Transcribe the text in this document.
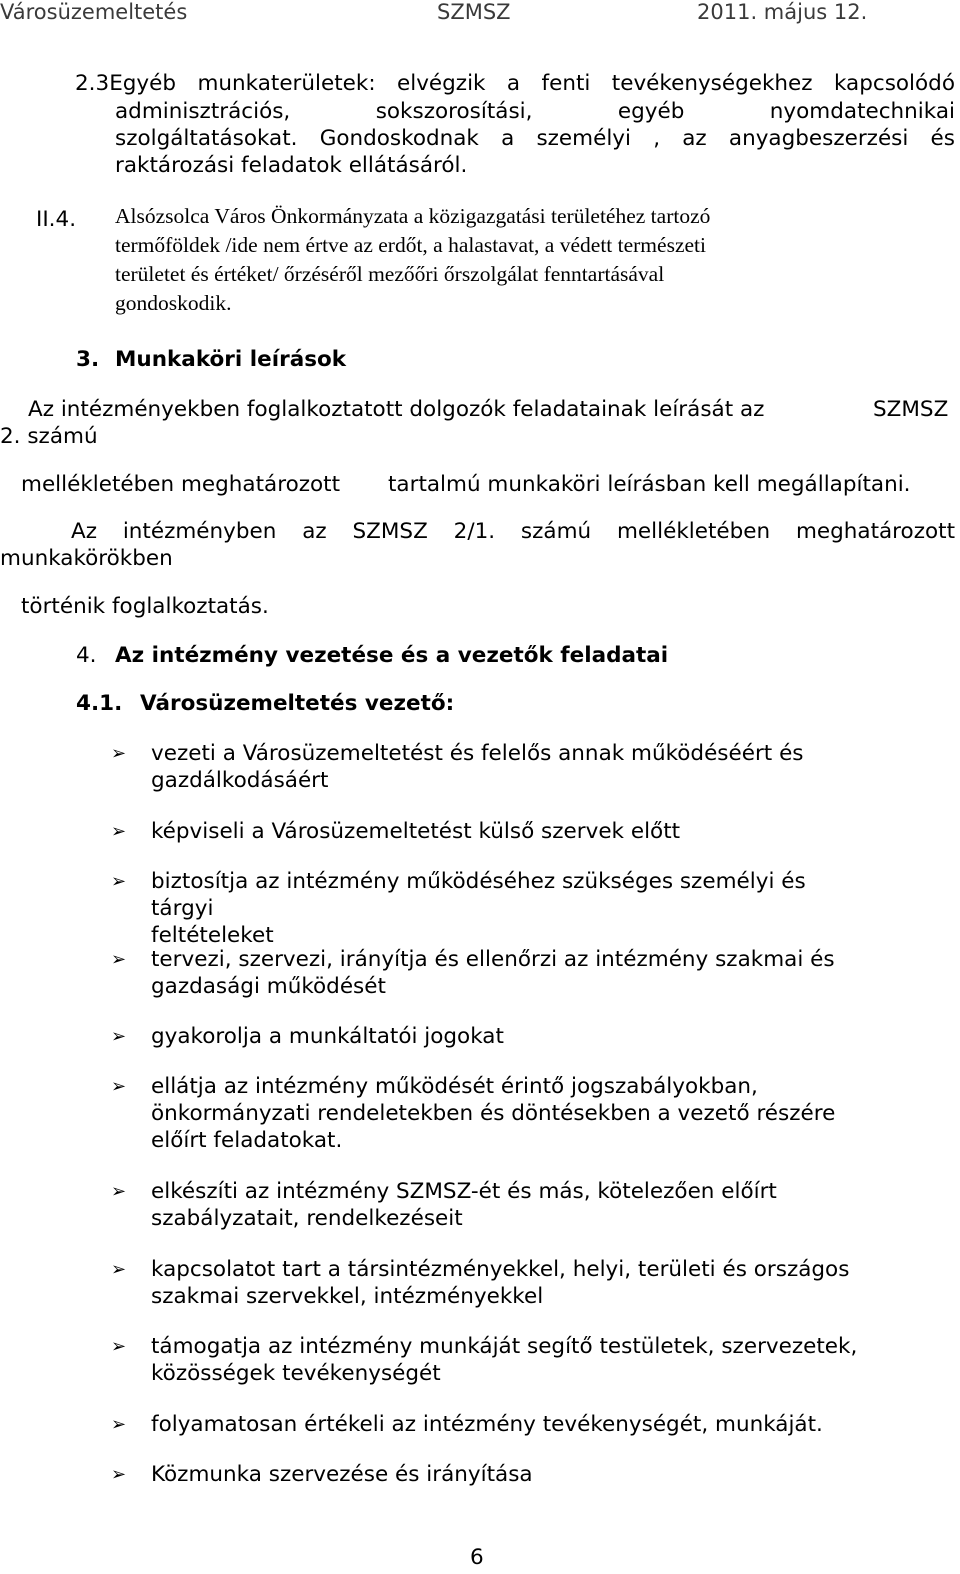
Városüzemeltetés	SZMSZ	2011. május 12.
2.3Egyéb munkaterületek: elvégzik a fenti tevékenységekhez kapcsolódó
adminisztrációs, sokszorosítási, egyéb nyomdatechnikai
szolgáltatásokat. Gondoskodnak a személyi , az anyagbeszerzési és
raktározási feladatok ellátásáról.
II.4. Alsózsolca Város Önkormányzata a közigazgatási területéhez tartozó
termőföldek /ide nem értve az erdőt, a halastavat, a védett természeti
területet és értéket/ őrzéséről mezőőri őrszolgálat fenntartásával
gondoskodik.
3. Munkaköri leírások
Az intézményekben foglalkoztatott dolgozók feladatainak leírását az	SZMSZ
2. számú
mellékletében meghatározott tartalmú munkaköri leírásban kell megállapítani.
Az intézményben az SZMSZ 2/1. számú mellékletében meghatározott
munkakörökben
történik foglalkoztatás.
4. Az intézmény vezetése és a vezetők feladatai
4.1. Városüzemeltetés vezető:
➢ vezeti a Városüzemeltetést és felelős annak működéséért és
gazdálkodásáért
➢ képviseli a Városüzemeltetést külső szervek előtt
➢ biztosítja az intézmény működéséhez szükséges személyi és tárgyi
feltételeket
➢ tervezi, szervezi, irányítja és ellenőrzi az intézmény szakmai és
gazdasági működését
➢ gyakorolja a munkáltatói jogokat
➢ ellátja az intézmény működését érintő jogszabályokban,
önkormányzati rendeletekben és döntésekben a vezető részére
előírt feladatokat.
➢ elkészíti az intézmény SZMSZ-ét és más, kötelezően előírt
szabályzatait, rendelkezéseit
➢ kapcsolatot tart a társintézményekkel, helyi, területi és országos
szakmai szervekkel, intézményekkel
➢ támogatja az intézmény munkáját segítő testületek, szervezetek,
közösségek tevékenységét
➢ folyamatosan értékeli az intézmény tevékenységét, munkáját.
➢ Közmunka szervezése és irányítása
6
